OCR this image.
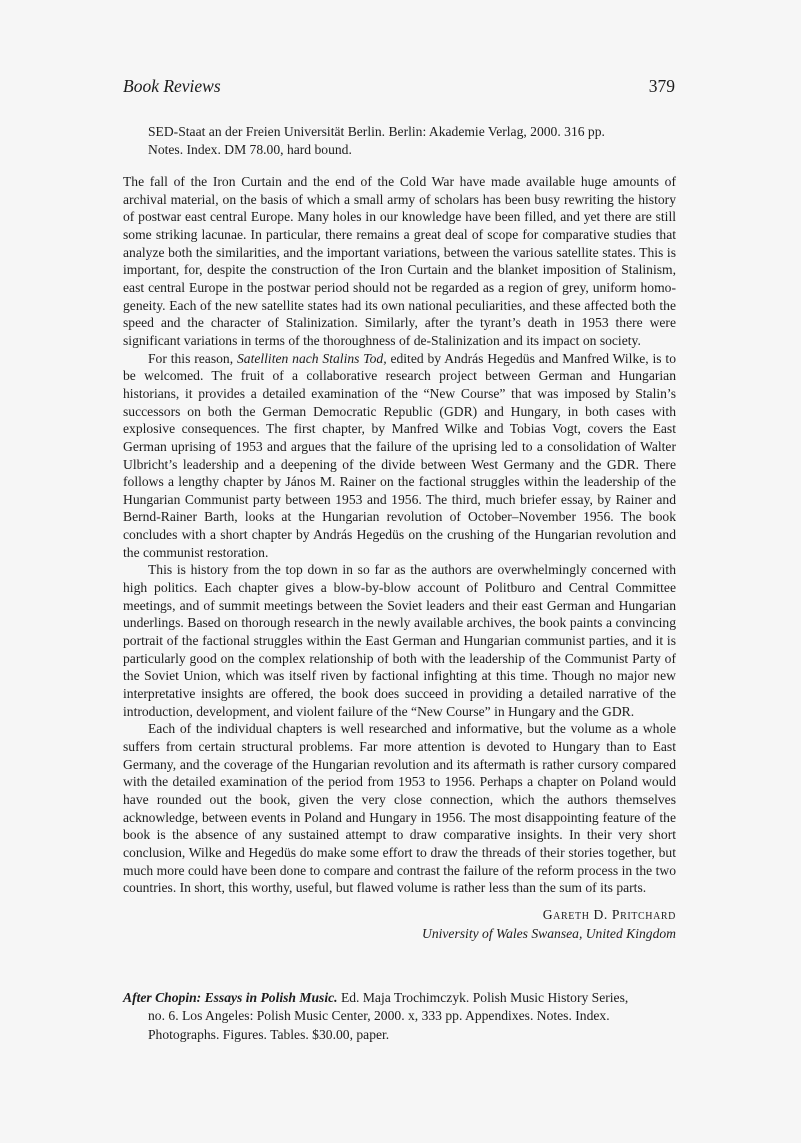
Book Reviews	379
SED-Staat an der Freien Universität Berlin. Berlin: Akademie Verlag, 2000. 316 pp.
Notes. Index. DM 78.00, hard bound.

The fall of the Iron Curtain and the end of the Cold War have made available huge amounts of archival material, on the basis of which a small army of scholars has been busy rewriting the history of postwar east central Europe. Many holes in our knowledge have been filled, and yet there are still some striking lacunae. In particular, there remains a great deal of scope for comparative studies that analyze both the similarities, and the important variations, between the various satellite states. This is important, for, despite the construction of the Iron Curtain and the blanket imposition of Stalinism, east central Europe in the postwar period should not be regarded as a region of grey, uniform homogeneity. Each of the new satellite states had its own national peculiarities, and these affected both the speed and the character of Stalinization. Similarly, after the tyrant’s death in 1953 there were significant variations in terms of the thoroughness of de-Stalinization and its impact on society.

For this reason, Satelliten nach Stalins Tod, edited by András Hegedüs and Manfred Wilke, is to be welcomed. The fruit of a collaborative research project between German and Hungarian historians, it provides a detailed examination of the “New Course” that was imposed by Stalin’s successors on both the German Democratic Republic (GDR) and Hungary, in both cases with explosive consequences. The first chapter, by Manfred Wilke and Tobias Vogt, covers the East German uprising of 1953 and argues that the failure of the uprising led to a consolidation of Walter Ulbricht’s leadership and a deepening of the divide between West Germany and the GDR. There follows a lengthy chapter by János M. Rainer on the factional struggles within the leadership of the Hungarian Communist party between 1953 and 1956. The third, much briefer essay, by Rainer and Bernd-Rainer Barth, looks at the Hungarian revolution of October–November 1956. The book concludes with a short chapter by András Hegedüs on the crushing of the Hungarian revolution and the communist restoration.

This is history from the top down in so far as the authors are overwhelmingly concerned with high politics. Each chapter gives a blow-by-blow account of Politburo and Central Committee meetings, and of summit meetings between the Soviet leaders and their east German and Hungarian underlings. Based on thorough research in the newly available archives, the book paints a convincing portrait of the factional struggles within the East German and Hungarian communist parties, and it is particularly good on the complex relationship of both with the leadership of the Communist Party of the Soviet Union, which was itself riven by factional infighting at this time. Though no major new interpretative insights are offered, the book does succeed in providing a detailed narrative of the introduction, development, and violent failure of the “New Course” in Hungary and the GDR.

Each of the individual chapters is well researched and informative, but the volume as a whole suffers from certain structural problems. Far more attention is devoted to Hungary than to East Germany, and the coverage of the Hungarian revolution and its aftermath is rather cursory compared with the detailed examination of the period from 1953 to 1956. Perhaps a chapter on Poland would have rounded out the book, given the very close connection, which the authors themselves acknowledge, between events in Poland and Hungary in 1956. The most disappointing feature of the book is the absence of any sustained attempt to draw comparative insights. In their very short conclusion, Wilke and Hegedüs do make some effort to draw the threads of their stories together, but much more could have been done to compare and contrast the failure of the reform process in the two countries. In short, this worthy, useful, but flawed volume is rather less than the sum of its parts.

Gareth D. Pritchard
University of Wales Swansea, United Kingdom
After Chopin: Essays in Polish Music. Ed. Maja Trochimczyk. Polish Music History Series,
no. 6. Los Angeles: Polish Music Center, 2000. x, 333 pp. Appendixes. Notes. Index.
Photographs. Figures. Tables. $30.00, paper.
